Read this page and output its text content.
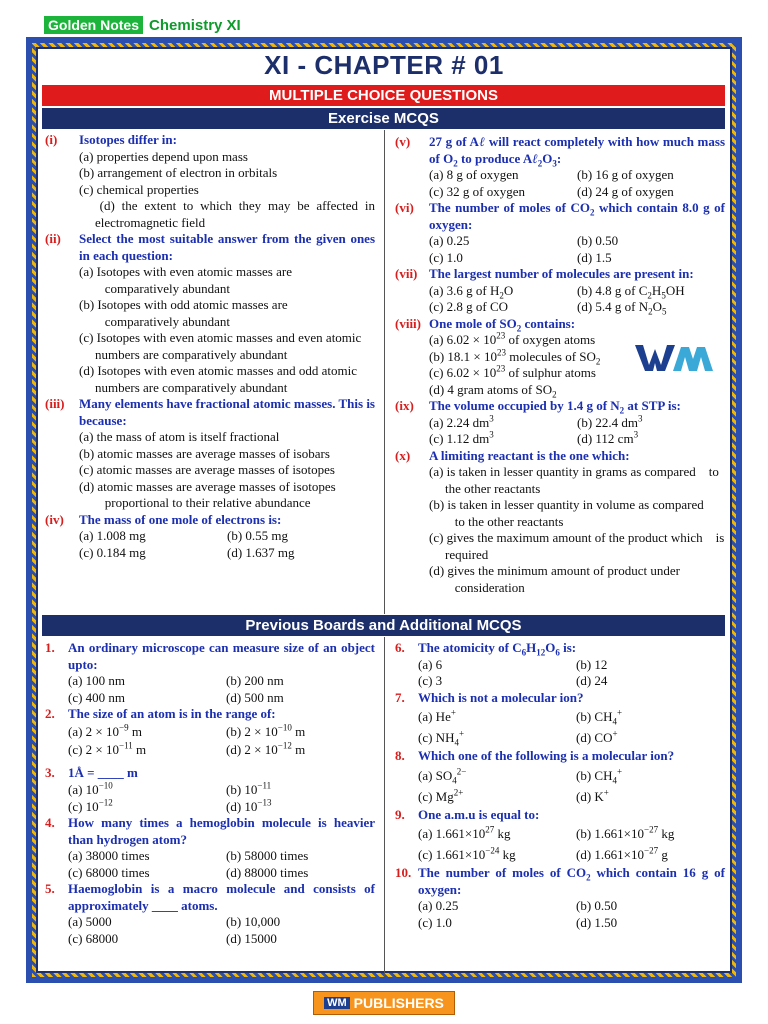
Golden Notes Chemistry XI
XI - CHAPTER # 01
MULTIPLE CHOICE QUESTIONS
Exercise MCQS
(i)	Isotopes differ in:

(a) properties depend upon mass

(b) arrangement of electron in orbitals

(c) chemical properties

(d) the extent to which they may be affected in electromagnetic field

(ii)	Select the most suitable answer from the given ones in each question:

(a) Isotopes with even atomic masses are    comparatively abundant

(b) Isotopes with odd atomic masses are    comparatively abundant

(c) Isotopes with even atomic masses and even atomic numbers are comparatively abundant

(d) Isotopes with even atomic masses and odd atomic numbers are comparatively abundant

(iii)	Many elements have fractional atomic masses. This is because:

(a) the mass of atom is itself fractional

(b) atomic masses are average masses of isobars

(c) atomic masses are average masses of isotopes

(d) atomic masses are average masses of isotopes    proportional to their relative abundance

(iv)	The mass of one mole of electrons is:
(a) 1.008 mg	(b) 0.55 mg
(c) 0.184 mg	(d) 1.637 mg
(v)	27 g of Aℓ will react completely with how much mass of $O_2$ to produce $A\ell_2O_3$:
(a) 8 g of oxygen	(b) 16 g of oxygen
(c) 32 g of oxygen	(d) 24 g of oxygen
(vi)	The number of moles of $CO_2$ which contain 8.0 g of oxygen:
(a) 0.25	(b) 0.50
(c) 1.0	(d) 1.5
(vii) The largest number of molecules are present in:
(a) 3.6 g of $H_2O$	(b) 4.8 g of $C_2H_5OH$
(c) 2.8 g of CO	(d) 5.4 g of $N_2O_5$
(viii) One mole of $SO_2$ contains:

(a) $6.02 \times 10^{23}$ of oxygen atoms

(b) $18.1 \times 10^{23}$ molecules of $SO_2$

(c) $6.02 \times 10^{23}$ of sulphur atoms

(d) 4 gram atoms of $SO_2$

(ix)	The volume occupied by 1.4 g of $N_2$ at STP is:
(a) 2.24 $dm^3$	(b) 22.4 $dm^3$
(c) 1.12 $dm^3$	(d) 112 $cm^3$
(x)	A limiting reactant is the one which:

(a) is taken in lesser quantity in grams as compared    to the other reactants

(b) is taken in lesser quantity in volume as compared    to the other reactants

(c) gives the maximum amount of the product which    is required

(d) gives the minimum amount of product under    consideration

Previous Boards and Additional MCQS
1.	An ordinary microscope can measure size of an object upto:
(a) 100 nm	(b) 200 nm
(c) 400 nm	(d) 500 nm
2.	The size of an atom is in the range of:
(a) $2 \times 10^{-9}$ m	(b) $2 \times 10^{-10}$ m
(c) $2 \times 10^{-11}$ m	(d) $2 \times 10^{-12}$ m
3.	1Å = ____ m
(a) $10^{-10}$	(b) $10^{-11}$
(c) $10^{-12}$	(d) $10^{-13}$
4.	How many times a hemoglobin molecule is heavier than hydrogen atom?
(a) 38000 times	(b) 58000 times
(c) 68000 times	(d) 88000 times
5.	Haemoglobin is a macro molecule and consists of approximately ____ atoms.
(a) 5000	(b) 10,000
(c) 68000	(d) 15000
6.	The atomicity of $C_6H_{12}O_6$ is:
(a) 6	(b) 12
(c) 3	(d) 24
7.	Which is not a molecular ion?
(a) He+	(b) $CH_4^+$
(c) $NH_4^+$	(d) CO+
8.	Which one of the following is a molecular ion?
(a) $SO_4^{2-}$	(b) $CH_4^+$
(c) $Mg^{2+}$	(d) K+
9.	One a.m.u is equal to:
(a) $1.661\times 10^{27}$ kg	(b) $1.661\times 10^{-27}$ kg
(c) $1.661\times 10^{-24}$ kg	(d) $1.661\times 10^{-27}$ g
10. The number of moles of $CO_2$ which contain 16 g of oxygen:
(a) 0.25	(b) 0.50
(c) 1.0	(d) 1.50
WM PUBLISHERS
